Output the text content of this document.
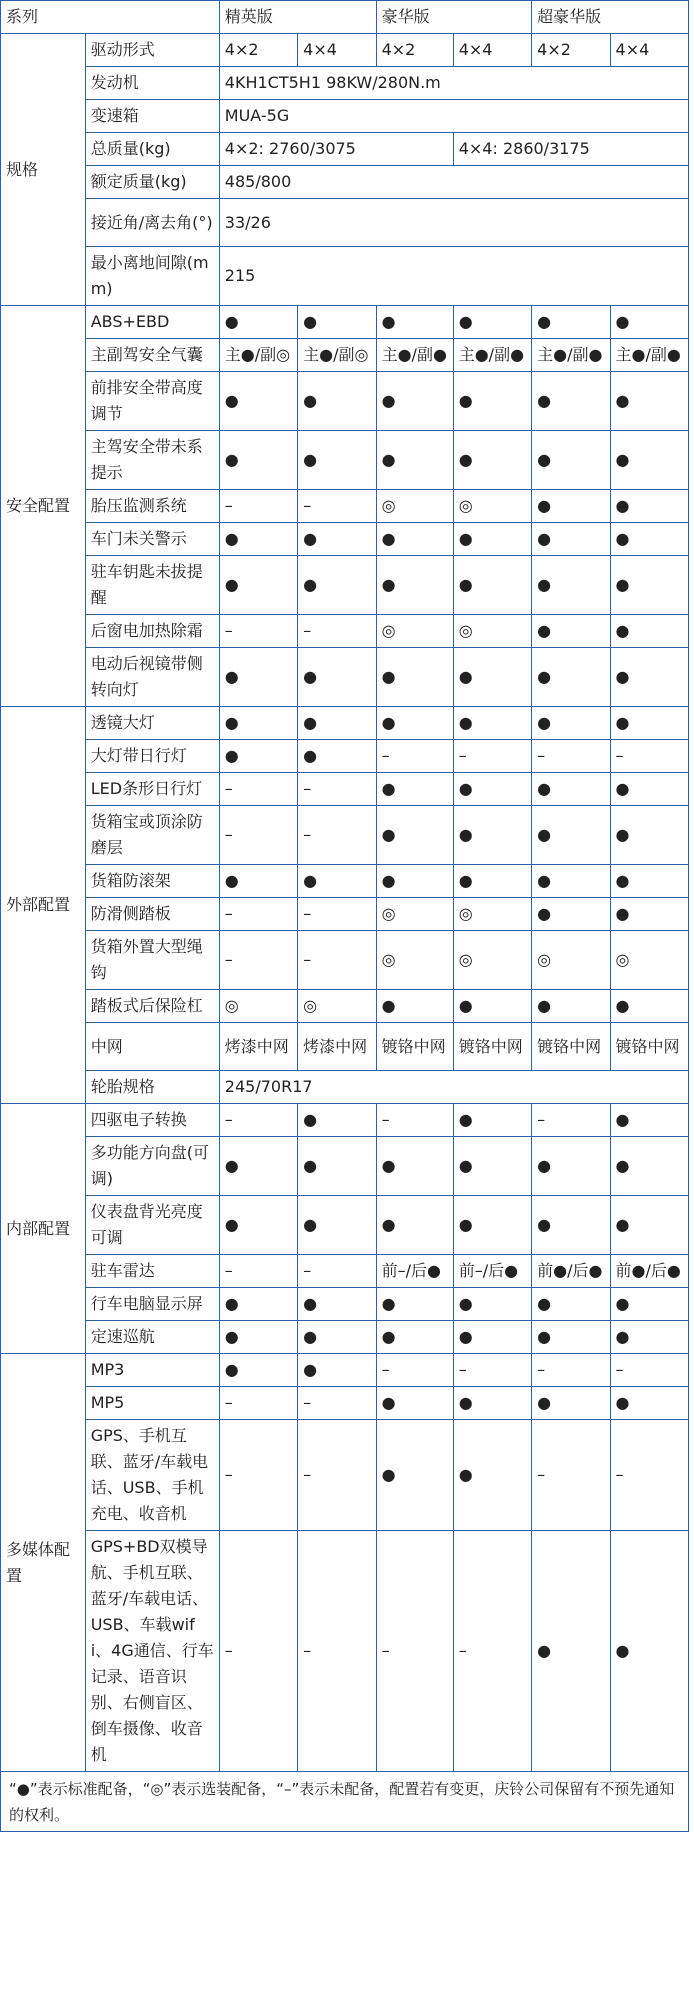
系列		精英版		豪华版		超豪华版	
规格	驱动形式	4×2	4×4	4×2	4×4	4×2	4×4
	发动机	4KH1CT5H1 98KW/280N.m					
	变速箱	MUA-5G					
	总质量(kg)	4×2: 2760/3075			4×4: 2860/3175		
	额定质量(kg)	485/800					
	接近角/离去角(°)	33/26					
	最小离地间隙(mm)	215					
安全配置	ABS+EBD	●	●	●	●	●	●
	主副驾安全气囊	主●/副◎	主●/副◎	主●/副●	主●/副●	主●/副●	主●/副●
	前排安全带高度调节	●	●	●	●	●	●
	主驾安全带未系提示	●	●	●	●	●	●
	胎压监测系统	–	–	◎	◎	●	●
	车门未关警示	●	●	●	●	●	●
	驻车钥匙未拔提醒	●	●	●	●	●	●
	后窗电加热除霜	–	–	◎	◎	●	●
	电动后视镜带侧转向灯	●	●	●	●	●	●
外部配置	透镜大灯	●	●	●	●	●	●
	大灯带日行灯	●	●	–	–	–	–
	LED条形日行灯	–	–	●	●	●	●
	货箱宝或顶涂防磨层	–	–	●	●	●	●
	货箱防滚架	●	●	●	●	●	●
	防滑侧踏板	–	–	◎	◎	●	●
	货箱外置大型绳钩	–	–	◎	◎	◎	◎
	踏板式后保险杠	◎	◎	●	●	●	●
	中网	烤漆中网	烤漆中网	镀铬中网	镀铬中网	镀铬中网	镀铬中网
	轮胎规格	245/70R17					
内部配置	四驱电子转换	–	●	–	●	–	●
	多功能方向盘(可调)	●	●	●	●	●	●
	仪表盘背光亮度可调	●	●	●	●	●	●
	驻车雷达	–	–	前–/后●	前–/后●	前●/后●	前●/后●
	行车电脑显示屏	●	●	●	●	●	●
	定速巡航	●	●	●	●	●	●
多媒体配置	MP3	●	●	–	–	–	–
	MP5	–	–	●	●	●	●
	GPS、手机互联、蓝牙/车载电话、USB、手机充电、收音机	–	–	●	●	–	–
	GPS+BD双模导航、手机互联、蓝牙/车载电话、USB、车载wifi、4G通信、行车记录、语音识别、右侧盲区、倒车摄像、收音机	–	–	–	–	●	●
“●”表示标准配备，“◎”表示选装配备，“–”表示未配备，配置若有变更，庆铃公司保留有不预先通知的权利。
